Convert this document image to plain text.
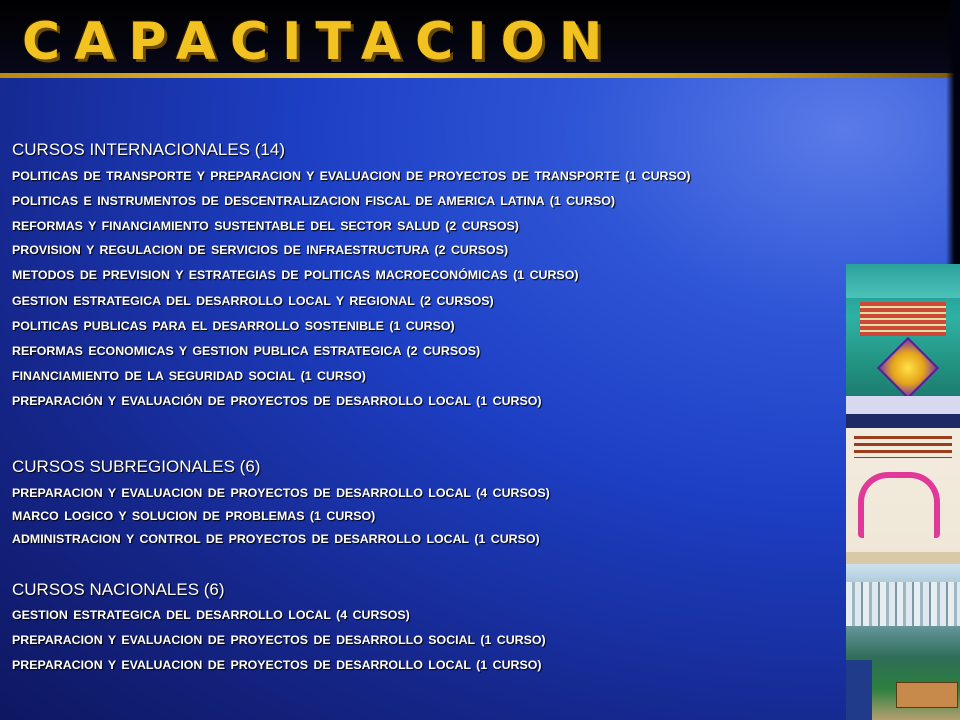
CAPACITACION
CURSOS INTERNACIONALES (14)
POLITICAS DE TRANSPORTE Y PREPARACION Y EVALUACION DE PROYECTOS DE TRANSPORTE (1 CURSO)
POLITICAS E INSTRUMENTOS DE DESCENTRALIZACION FISCAL DE AMERICA LATINA (1 CURSO)
REFORMAS Y FINANCIAMIENTO SUSTENTABLE DEL SECTOR SALUD (2 CURSOS)
PROVISION Y REGULACION DE SERVICIOS DE INFRAESTRUCTURA (2 CURSOS)
METODOS DE PREVISION Y ESTRATEGIAS DE POLITICAS MACROECONÓMICAS (1 CURSO)
GESTION ESTRATEGICA DEL DESARROLLO LOCAL Y REGIONAL (2 CURSOS)
POLITICAS PUBLICAS PARA EL DESARROLLO SOSTENIBLE (1 CURSO)
REFORMAS ECONOMICAS Y GESTION PUBLICA ESTRATEGICA (2 CURSOS)
FINANCIAMIENTO DE LA SEGURIDAD SOCIAL (1 CURSO)
PREPARACIÓN Y EVALUACIÓN DE PROYECTOS DE DESARROLLO LOCAL (1 CURSO)
CURSOS SUBREGIONALES (6)
PREPARACION Y EVALUACION DE PROYECTOS DE DESARROLLO LOCAL (4 CURSOS)
MARCO LOGICO Y SOLUCION DE PROBLEMAS (1 CURSO)
ADMINISTRACION Y CONTROL DE PROYECTOS DE DESARROLLO LOCAL (1 CURSO)
CURSOS NACIONALES (6)
GESTION ESTRATEGICA DEL DESARROLLO LOCAL (4 CURSOS)
PREPARACION Y EVALUACION DE PROYECTOS DE DESARROLLO SOCIAL (1 CURSO)
PREPARACION Y EVALUACION DE PROYECTOS DE DESARROLLO LOCAL (1 CURSO)
